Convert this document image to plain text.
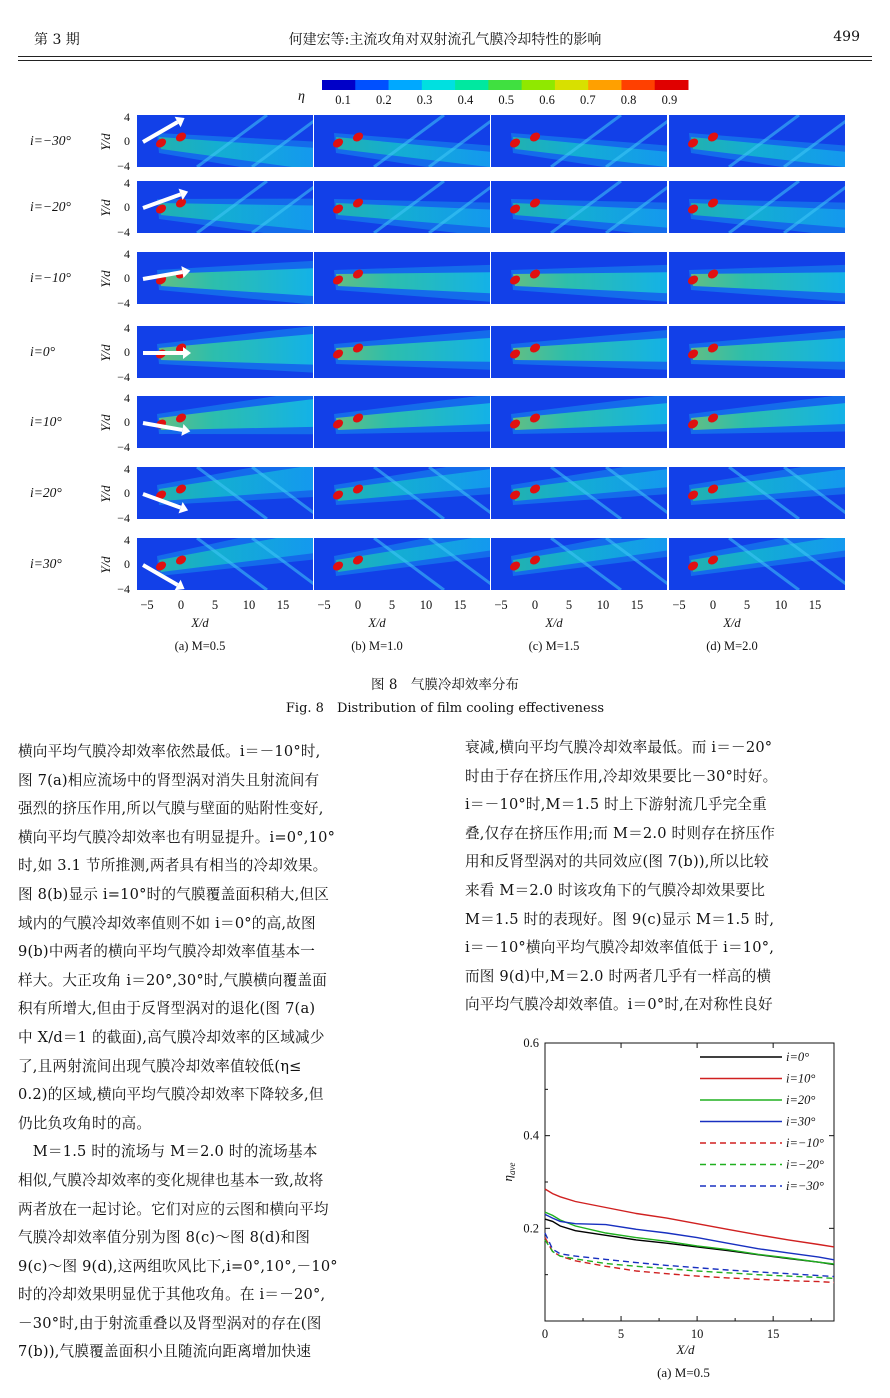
第 3 期	何建宏等:主流攻角对双射流孔气膜冷却特性的影响	499
η 0.1 0.2 0.3 0.4 0.5 0.6 0.7 0.8 0.9
i=−30° Y/d
4
0
−4
i=−20° Y/d
4
0
−4
i=−10° Y/d
4
0
−4
i=0°	Y/d
4
0
−4
i=10°	Y/d
4
0
−4
i=20°	Y/d
4
0
−4
i=30°	Y/d
4
0
−4
−5 0 5 10 15
X/d
(a) M=0.5
−5 0 5 10 15
X/d
(b) M=1.0
−5 0 5 10 15
X/d
(c) M=1.5
−5 0 5 10 15
X/d
(d) M=2.0
图 8　气膜冷却效率分布
Fig. 8　Distribution of film cooling effectiveness

横向平均气膜冷却效率依然最低。i＝－10°时,

图 7(a)相应流场中的肾型涡对消失且射流间有

强烈的挤压作用,所以气膜与壁面的贴附性变好,

横向平均气膜冷却效率也有明显提升。i=0°,10°

时,如 3.1 节所推测,两者具有相当的冷却效果。

图 8(b)显示 i=10°时的气膜覆盖面积稍大,但区

域内的气膜冷却效率值则不如 i＝0°的高,故图

9(b)中两者的横向平均气膜冷却效率值基本一

样大。大正攻角 i＝20°,30°时,气膜横向覆盖面

积有所增大,但由于反肾型涡对的退化(图 7(a)

中 X/d＝1 的截面),高气膜冷却效率的区域减少

了,且两射流间出现气膜冷却效率值较低(η≤

0.2)的区域,横向平均气膜冷却效率下降较多,但

仍比负攻角时的高。

　M＝1.5 时的流场与 M＝2.0 时的流场基本

相似,气膜冷却效率的变化规律也基本一致,故将

两者放在一起讨论。它们对应的云图和横向平均

气膜冷却效率值分别为图 8(c)～图 8(d)和图

9(c)～图 9(d),这两组吹风比下,i=0°,10°,－10°

时的冷却效果明显优于其他攻角。在 i＝－20°,

－30°时,由于射流重叠以及肾型涡对的存在(图

7(b)),气膜覆盖面积小且随流向距离增加快速

衰减,横向平均气膜冷却效率最低。而 i＝－20°

时由于存在挤压作用,冷却效果要比－30°时好。

i＝－10°时,M＝1.5 时上下游射流几乎完全重

叠,仅存在挤压作用;而 M＝2.0 时则存在挤压作

用和反肾型涡对的共同效应(图 7(b)),所以比较

来看 M＝2.0 时该攻角下的气膜冷却效果要比

M＝1.5 时的表现好。图 9(c)显示 M＝1.5 时,

i＝－10°横向平均气膜冷却效率值低于 i＝10°,

而图 9(d)中,M＝2.0 时两者几乎有一样高的横

向平均气膜冷却效率值。i＝0°时,在对称性良好

0.2
0.4
0.6
0	5	10	15
X/d
$\eta_{ave}$
(a) M=0.5
i=0°
i=10°
i=20°
i=30°
i=−10°
i=−20°
i=−30°
